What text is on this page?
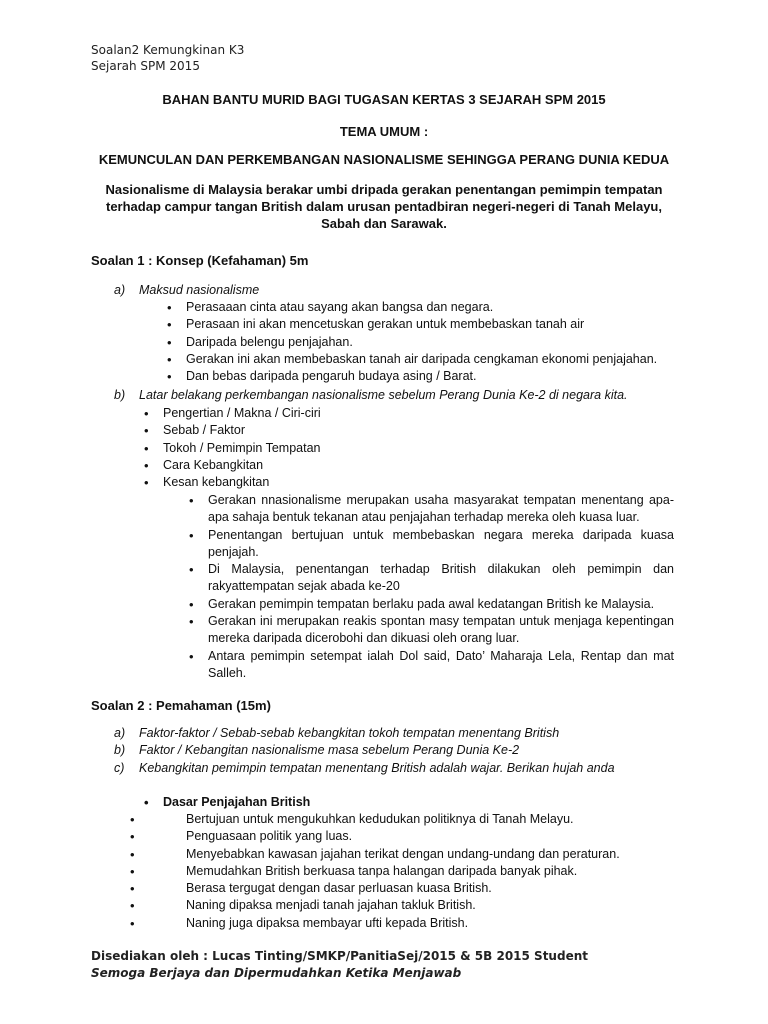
Soalan2 Kemungkinan K3
Sejarah SPM 2015
BAHAN BANTU MURID BAGI TUGASAN KERTAS 3 SEJARAH SPM 2015
TEMA UMUM :
KEMUNCULAN DAN PERKEMBANGAN NASIONALISME SEHINGGA PERANG DUNIA KEDUA
Nasionalisme di Malaysia berakar umbi dripada gerakan penentangan pemimpin tempatan terhadap campur tangan British dalam urusan pentadbiran negeri-negeri di Tanah Melayu, Sabah dan Sarawak.
Soalan 1 : Konsep (Kefahaman) 5m
a) Maksud nasionalisme
• Perasaaan cinta atau sayang akan bangsa dan negara.
• Perasaan ini akan mencetuskan gerakan untuk membebaskan tanah air
• Daripada belengu penjajahan.
• Gerakan ini akan membebaskan tanah air daripada cengkaman ekonomi penjajahan.
• Dan bebas daripada pengaruh budaya asing / Barat.
b) Latar belakang perkembangan nasionalisme sebelum Perang Dunia Ke-2 di negara kita.
• Pengertian / Makna / Ciri-ciri
• Sebab / Faktor
• Tokoh / Pemimpin Tempatan
• Cara Kebangkitan
• Kesan kebangkitan
• Gerakan nnasionalisme merupakan usaha masyarakat tempatan menentang apa-apa sahaja bentuk tekanan atau penjajahan terhadap mereka oleh kuasa luar.
• Penentangan bertujuan untuk membebaskan negara mereka daripada kuasa penjajah.
• Di Malaysia, penentangan terhadap British dilakukan oleh pemimpin dan rakyattempatan sejak abada ke-20
• Gerakan pemimpin tempatan berlaku pada awal kedatangan British ke Malaysia.
• Gerakan ini merupakan reakis spontan masy tempatan untuk menjaga kepentingan mereka daripada dicerobohi dan dikuasi oleh orang luar.
• Antara pemimpin setempat ialah Dol said, Dato’ Maharaja Lela, Rentap dan mat Salleh.
Soalan 2 : Pemahaman (15m)
a) Faktor-faktor / Sebab-sebab kebangkitan tokoh tempatan menentang British
b) Faktor / Kebangitan nasionalisme masa sebelum Perang Dunia Ke-2
c) Kebangkitan pemimpin tempatan menentang British adalah wajar. Berikan hujah anda
• Dasar Penjajahan British
• Bertujuan untuk mengukuhkan kedudukan politiknya di Tanah Melayu.
• Penguasaan politik yang luas.
• Menyebabkan kawasan jajahan terikat dengan undang-undang dan peraturan.
• Memudahkan British berkuasa tanpa halangan daripada banyak pihak.
• Berasa tergugat dengan dasar perluasan kuasa British.
• Naning dipaksa menjadi tanah jajahan takluk British.
• Naning juga dipaksa membayar ufti kepada British.
Disediakan oleh : Lucas Tinting/SMKP/PanitiaSej/2015 & 5B 2015 Student
Semoga Berjaya dan Dipermudahkan Ketika Menjawab
